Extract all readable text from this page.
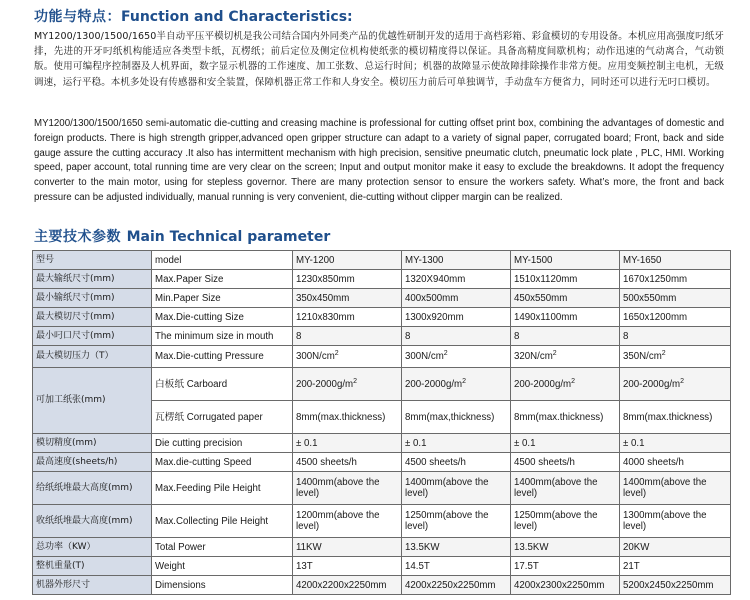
功能与特点：Function and Characteristics:
MY1200/1300/1500/1650半自动平压平模切机是我公司结合国内外同类产品的优越性研制开发的适用于高档彩箱、彩盒模切的专用设备。本机应用高强度叼纸牙排，先进的开牙叼纸机构能适应各类型卡纸，瓦楞纸；前后定位及侧定位机构使纸张的模切精度得以保证。具备高精度间歇机构；动作迅速的气动离合，气动锁版。使用可编程序控制器及人机界面，数字显示机器的工作速度、加工张数、总运行时间；机器的故障显示使故障排除操作非常方便。应用变频控制主电机，无级调速，运行平稳。本机多处设有传感器和安全装置，保障机器正常工作和人身安全。模切压力前后可单独调节，手动盘车方便省力，同时还可以进行无叼口模切。
MY1200/1300/1500/1650 semi-automatic die-cutting and creasing machine is professional for cutting offset print box, combining the advantages of domestic and foreign products. There is high strength gripper,advanced open gripper structure can adapt to a variety of signal paper, corrugated board; Front, back and side gauge assure the cutting accuracy .It also has intermittent mechanism with high precision, sensitive pneumatic clutch, pneumatic lock plate , PLC, HMI. Working speed, paper account, total running time are very clear on the screen; Input and output monitor make it easy to exclude the breakdowns. It adopt the frequency converter to the main motor, using for stepless governor. There are many protection sensor to ensure the workers safety. What’s more, the front and back pressure can be adjusted individually, manual running is very convenient, die-cutting without clipper margin can be realized.
主要技术参数 Main Technical parameter
型号	model	MY-1200	MY-1300	MY-1500	MY-1650
最大输纸尺寸(mm)	Max.Paper Size	1230x850mm	1320X940mm	1510x1120mm	1670x1250mm
最小输纸尺寸(mm)	Min.Paper Size	350x450mm	400x500mm	450x550mm	500x550mm
最大模切尺寸(mm)	Max.Die-cutting Size	1210x830mm	1300x920mm	1490x1100mm	1650x1200mm
最小叼口尺寸(mm)	The minimum size in mouth	8	8	8	8
最大模切压力（T）	Max.Die-cutting Pressure	$300N/cm^2$	$300N/cm^2$	$320N/cm^2$	$350N/cm^2$
可加工纸张(mm)	白板纸 Carboard	$200-2000g/m^2$	$200-2000g/m^2$	$200-2000g/m^2$	$200-2000g/m^2$
	瓦楞纸 Corrugated paper	8mm(max.thickness)	8mm(max,thickness)	8mm(max.thickness)	8mm(max.thickness)
模切精度(mm)	Die cutting precision	± 0.1	± 0.1	± 0.1	± 0.1
最高速度(sheets/h)	Max.die-cutting Speed	4500 sheets/h	4500 sheets/h	4500 sheets/h	4000 sheets/h
给纸纸堆最大高度(mm)	Max.Feeding Pile Height	1400mm(above the level)	1400mm(above the level)	1400mm(above the level)	1400mm(above the level)
收纸纸堆最大高度(mm)	Max.Collecting Pile Height	1200mm(above the level)	1250mm(above the level)	1250mm(above the level)	1300mm(above the level)
总功率（KW）	Total Power	11KW	13.5KW	13.5KW	20KW
整机重量(T)	Weight	13T	14.5T	17.5T	21T
机器外形尺寸	Dimensions	4200x2200x2250mm	4200x2250x2250mm	4200x2300x2250mm	5200x2450x2250mm
